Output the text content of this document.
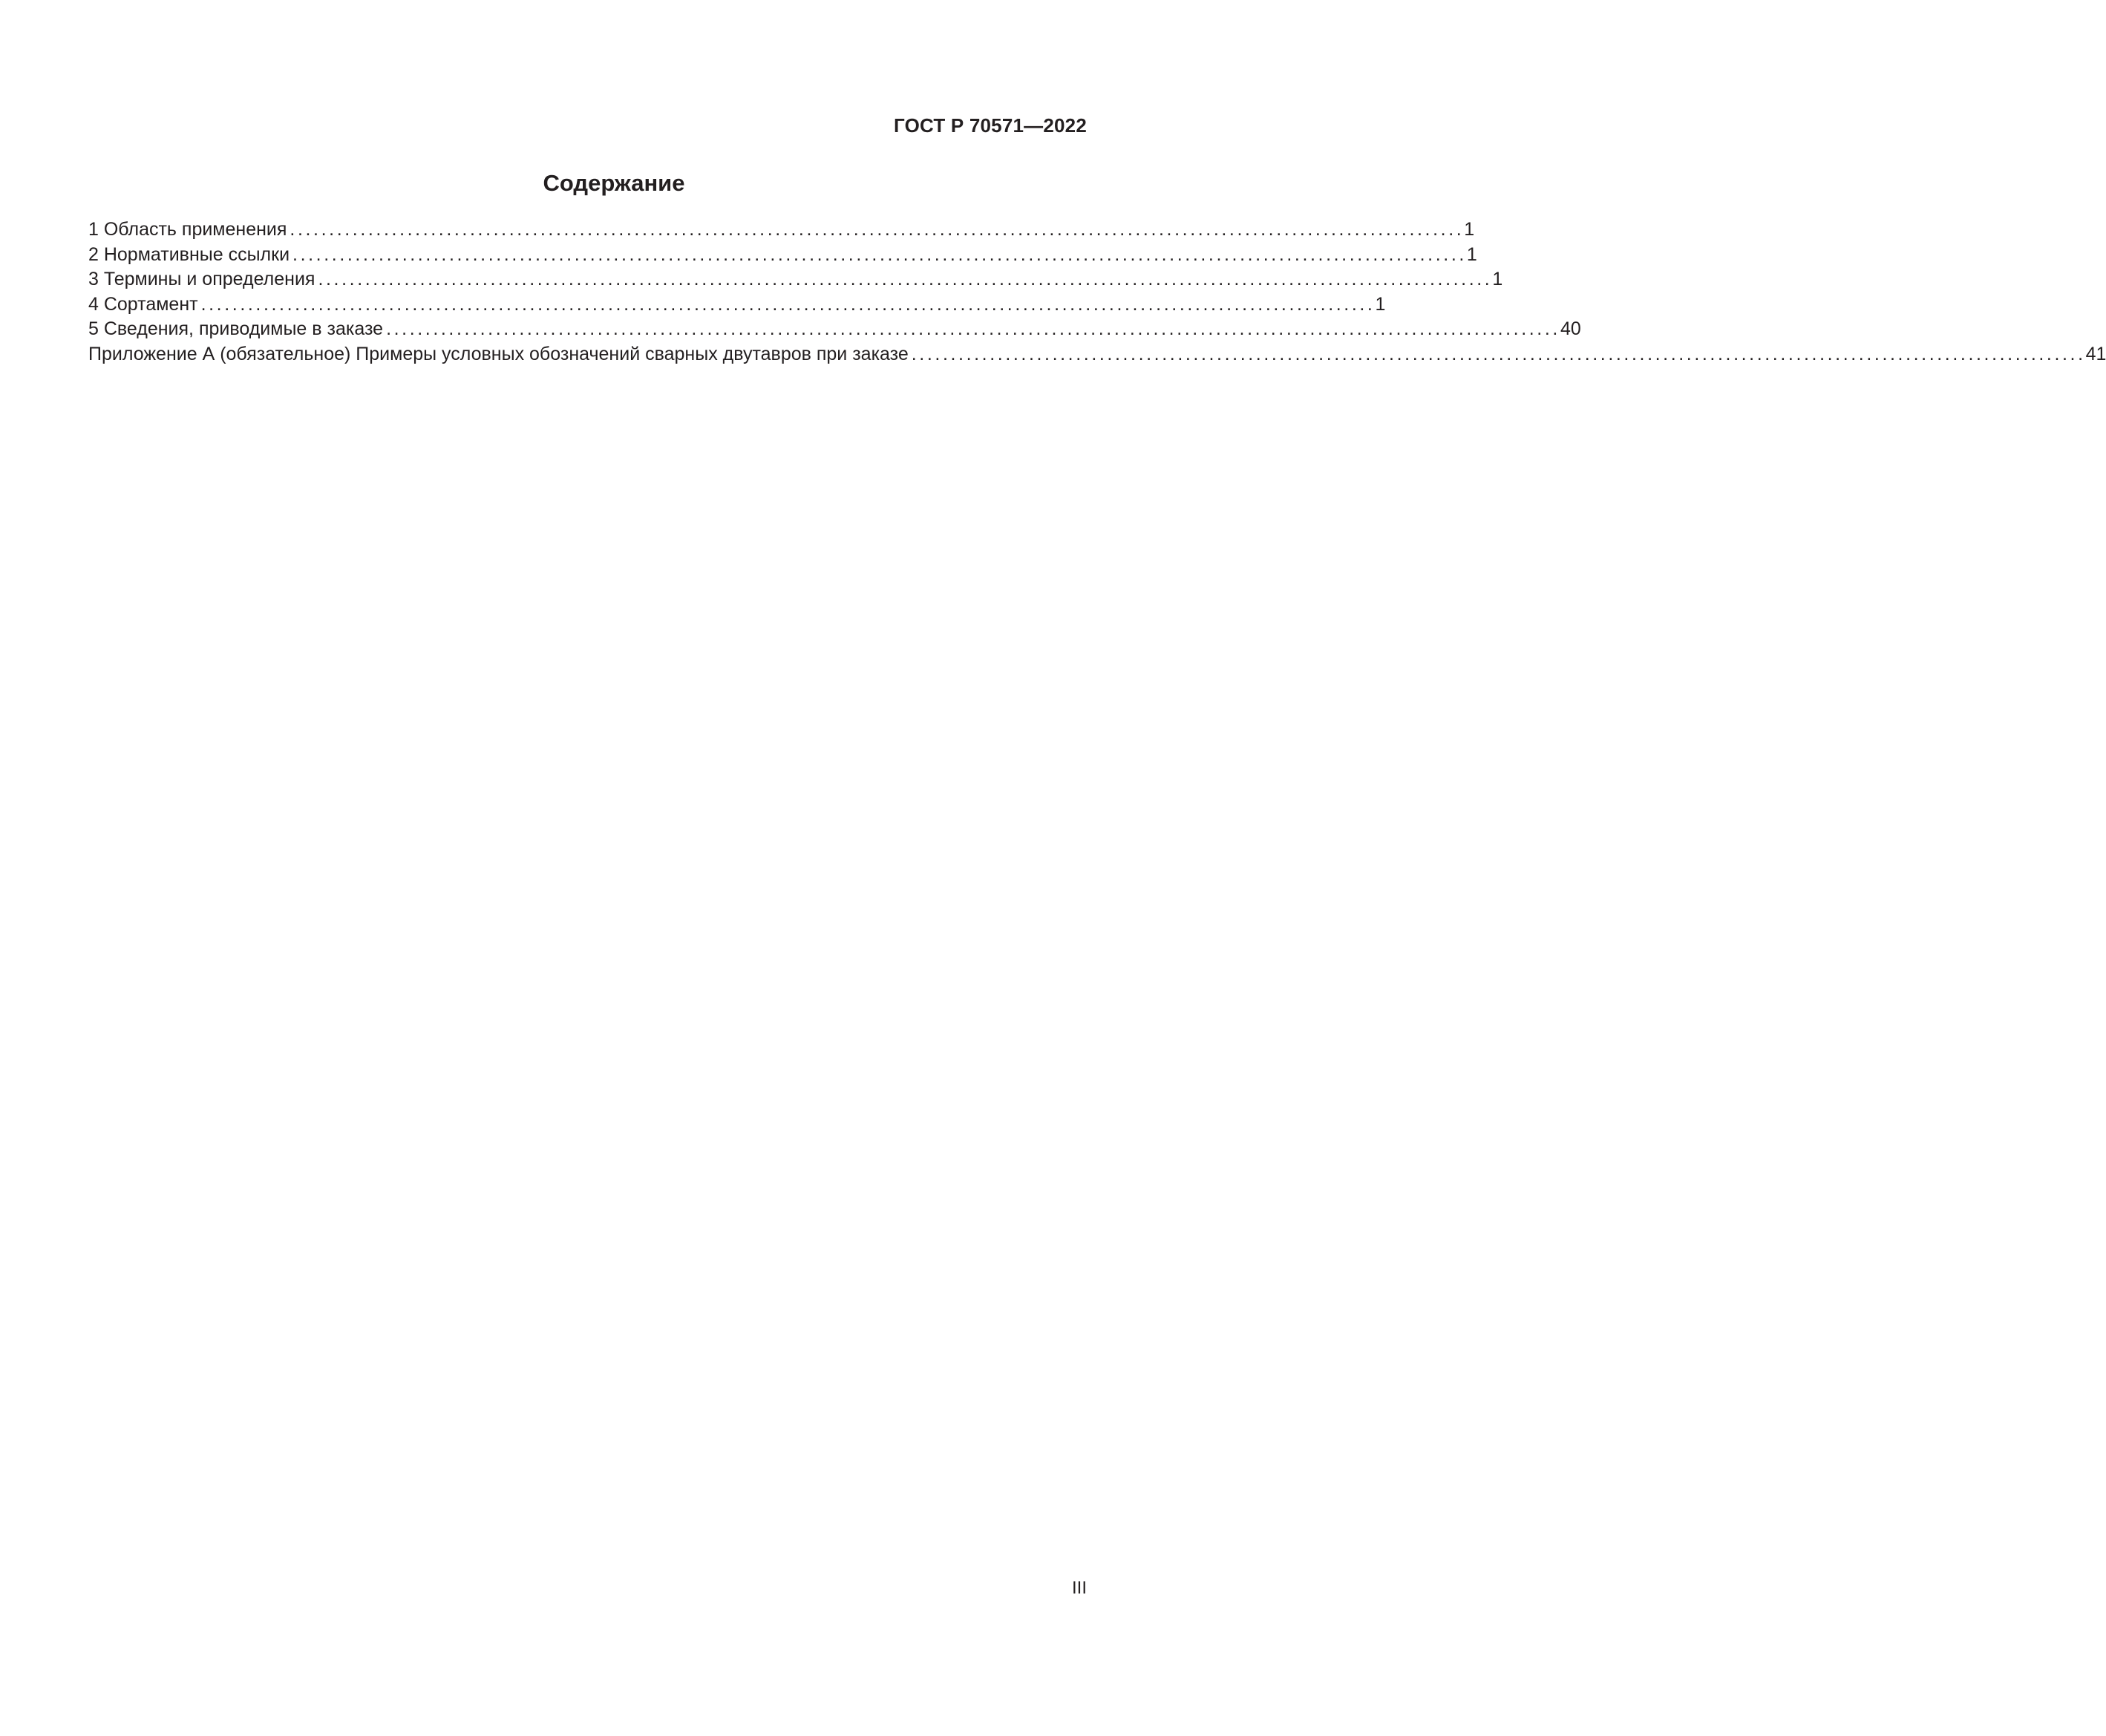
ГОСТ Р 70571—2022
Содержание
1 Область применения ...................................................................................................................................................... 1
2 Нормативные ссылки ...................................................................................................................................................... 1
3 Термины и определения ...................................................................................................................................................... 1
4 Сортамент ...................................................................................................................................................... 1
5 Сведения, приводимые в заказе ...................................................................................................................................................... 40
Приложение А (обязательное) Примеры условных обозначений сварных двутавров при заказе ...................................................................................................................................................... 41
III
